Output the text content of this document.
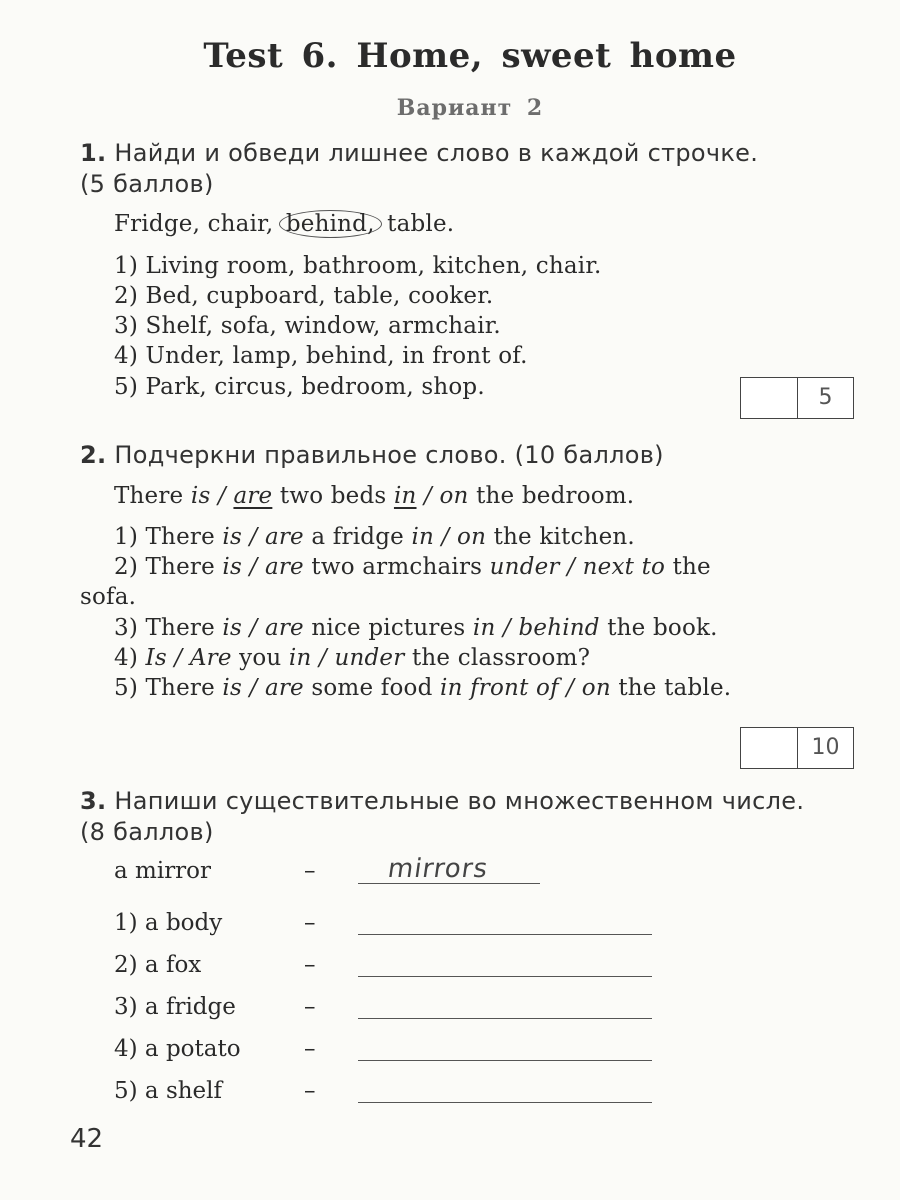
Test 6. Home, sweet home
Вариант 2
1. Найди и обведи лишнее слово в каждой строчке.
(5 баллов)
Fridge, chair, behind, table.
1) Living room, bathroom, kitchen, chair.
2) Bed, cupboard, table, cooker.
3) Shelf, sofa, window, armchair.
4) Under, lamp, behind, in front of.
5) Park, circus, bedroom, shop.	5
2. Подчеркни правильное слово. (10 баллов)
There is / are two beds in / on the bedroom.
1) There is / are a fridge in / on the kitchen.
2) There is / are two armchairs under / next to the
sofa.
3) There is / are nice pictures in / behind the book.
4) Is / Are you in / under the classroom?
5) There is / are some food in front of / on the table.
10
3. Напиши существительные во множественном числе.
(8 баллов)
a mirror	–	mirrors
1) a body	–
2) a fox	–
3) a fridge	–
4) a potato	–
5) a shelf	–
42
